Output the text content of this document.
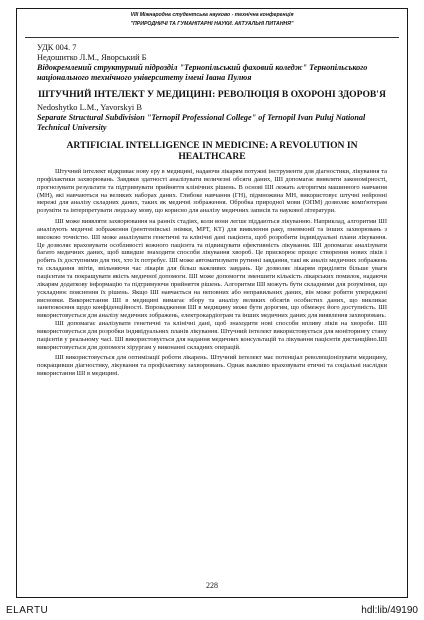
VIII Міжнародна студентська науково - технічна конференція
"ПРИРОДНИЧІ ТА ГУМАНІТАРНІ НАУКИ. АКТУАЛЬНІ ПИТАННЯ"
УДК 004. 7
Недошитко Л.М., Яворський Б
Відокремлений структурний підрозділ "Тернопільський фаховий коледж" Тернопільського національного технічного університету імені Івана Пулюя
ШТУЧНИЙ ІНТЕЛЕКТ У МЕДИЦИНІ: РЕВОЛЮЦІЯ В ОХОРОНІ ЗДОРОВ'Я
Nedoshytko L.M., Yavorskyi B
Separate Structural Subdivision "Ternopil Professional College" of Ternopil Ivan Puluj National Technical University
ARTIFICIAL INTELLIGENCE IN MEDICINE: A REVOLUTION IN HEALTHCARE

Штучний інтелект відкриває нову еру в медицині, надаючи лікарям потужні інструменти для діагностики, лікування та профілактики захворювань. Завдяки здатності аналізувати величезні обсяги даних, ШІ допомагає виявляти закономірності, прогнозувати результати та підтримувати прийняття клінічних рішень. В основі ШІ лежать алгоритми машинного навчання (МН), які навчаються на великих наборах даних. Глибоке навчання (ГН), підмножина МН, використовує штучні нейронні мережі для аналізу складних даних, таких як медичні зображення. Обробка природної мови (ОПМ) дозволяє комп'ютерам розуміти та інтерпретувати людську мову, що корисно для аналізу медичних записів та наукової літератури.

ШІ може виявляти захворювання на ранніх стадіях, коли вони легше піддаються лікуванню. Наприклад, алгоритми ШІ аналізують медичні зображення (рентгенівські знімки, МРТ, КТ) для виявлення раку, пневмонії та інших захворювань з високою точністю. ШІ може аналізувати генетичні та клінічні дані пацієнта, щоб розробити індивідуальні плани лікування. Це дозволяє враховувати особливості кожного пацієнта та підвищувати ефективність лікування. ШІ допомагає аналізувати багато медичних даних, щоб швидше знаходити способи лікування хвороб. Це прискорює процес створення нових ліків і робить їх доступними для тих, хто їх потребує. ШІ може автоматизувати рутинні завдання, такі як аналіз медичних зображень та складання звітів, звільняючи час лікарів для більш важливих завдань. Це дозволяє лікарям приділяти більше уваги пацієнтам та покращувати якість медичної допомоги. ШІ може допомогти зменшити кількість лікарських помилок, надаючи лікарям додаткову інформацію та підтримуючи прийняття рішень. Алгоритми ШІ можуть бути складними для розуміння, що ускладнює пояснення їх рішень. Якщо ШІ навчається на неповних або неправильних даних, він може робити упереджені висновки. Використання ШІ в медицині вимагає збору та аналізу великих обсягів особистих даних, що викликає занепокоєння щодо конфіденційності. Впровадження ШІ в медицину може бути дорогим, що обмежує його доступність. ШІ використовується для аналізу медичних зображень, електрокардіограм та інших медичних даних для виявлення захворювань.

ШІ допомагає аналізувати генетичні та клінічні дані, щоб знаходити нові способи впливу ліків на хвороби. ШІ використовується для розробки індивідуальних планів лікування. Штучний інтелект використовується для моніторингу стану пацієнтів у реальному часі. ШІ використовується для надання медичних консультацій та лікування пацієнтів дистанційно.ШІ використовується для допомоги хірургам у виконанні складних операцій.

ШІ використовується для оптимізації роботи лікарень. Штучний інтелект має потенціал революціонізувати медицину, покращивши діагностику, лікування та профілактику захворювань. Однак важливо враховувати етичні та соціальні наслідки використання ШІ в медицині.

228
ELARTU	hdl:lib/49190
